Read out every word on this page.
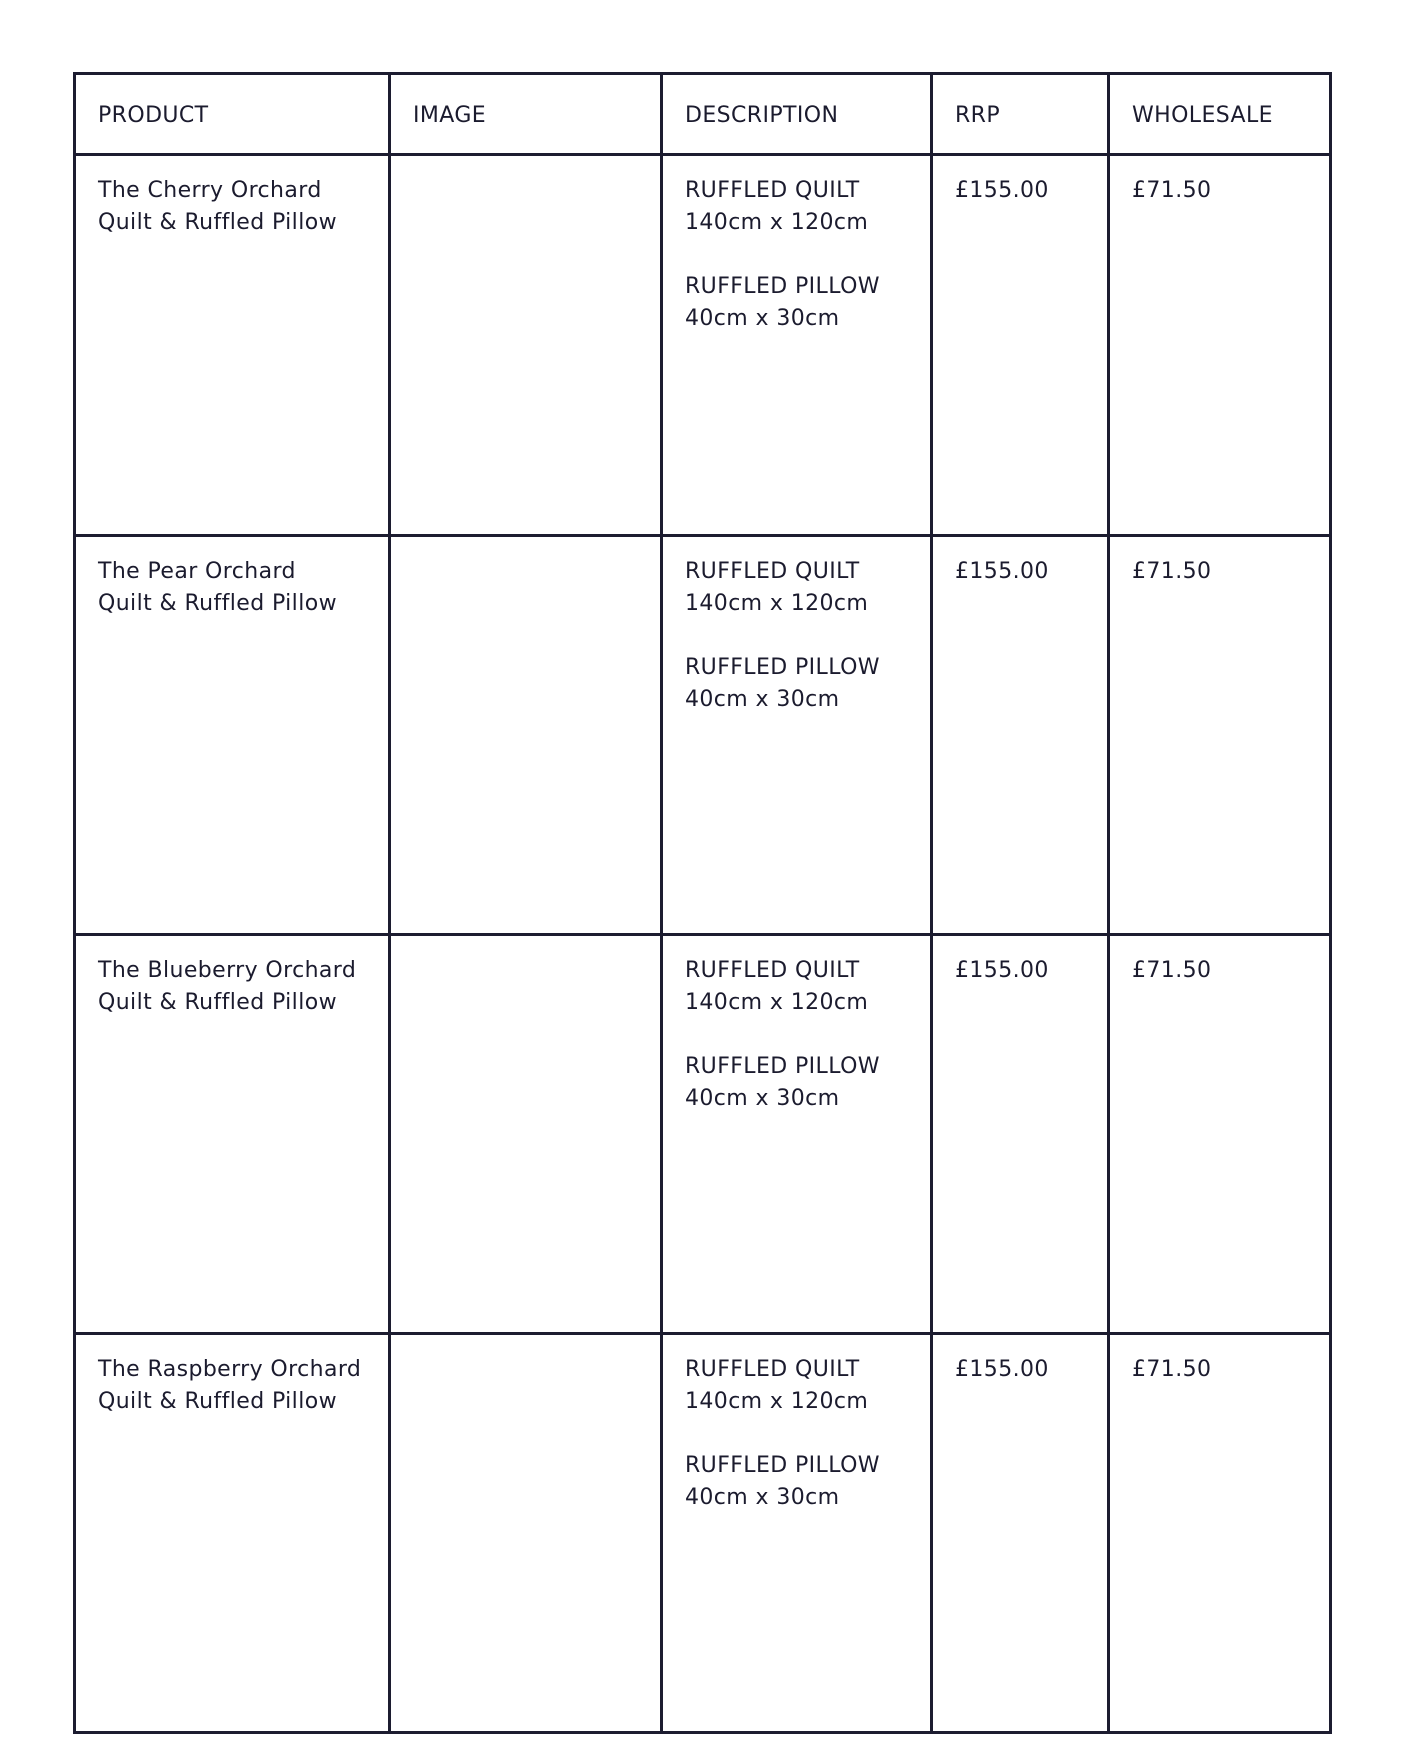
PRODUCT	IMAGE	DESCRIPTION	RRP	WHOLESALE

The Cherry Orchard
Quilt & Ruffled Pillow		RUFFLED QUILT
140cm x 120cm
RUFFLED PILLOW
40cm x 30cm	£155.00	£71.50

The Pear Orchard
Quilt & Ruffled Pillow		RUFFLED QUILT
140cm x 120cm
RUFFLED PILLOW
40cm x 30cm	£155.00	£71.50

The Blueberry Orchard
Quilt & Ruffled Pillow		RUFFLED QUILT
140cm x 120cm
RUFFLED PILLOW
40cm x 30cm	£155.00	£71.50

The Raspberry Orchard
Quilt & Ruffled Pillow		RUFFLED QUILT
140cm x 120cm
RUFFLED PILLOW
40cm x 30cm	£155.00	£71.50
